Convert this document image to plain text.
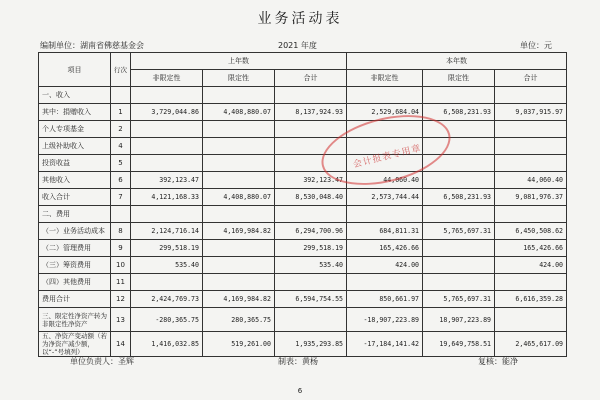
业务活动表
编制单位：湖南省佛慈基金会	2021 年度	单位：元
项目	行次	上年数			本年数		
		非限定性	限定性	合计	非限定性	限定性	合计
一、收入							
其中：捐赠收入	1	3,729,044.86	4,408,880.07	8,137,924.93	2,529,684.04	6,508,231.93	9,037,915.97
个人专项基金	2						
上级补助收入	4						
投资收益	5						
其他收入	6	392,123.47		392,123.47	44,060.40		44,060.40
收入合计	7	4,121,168.33	4,408,880.07	8,530,048.40	2,573,744.44	6,508,231.93	9,081,976.37
二、费用							
（一）业务活动成本	8	2,124,716.14	4,169,984.82	6,294,700.96	684,811.31	5,765,697.31	6,450,508.62
（二）管理费用	9	299,518.19		299,518.19	165,426.66		165,426.66
（三）筹资费用	10	535.40		535.40	424.00		424.00
（四）其他费用	11						
费用合计	12	2,424,769.73	4,169,984.82	6,594,754.55	850,661.97	5,765,697.31	6,616,359.28
三、限定性净资产转为非限定性净资产	13	-280,365.75	280,365.75		-18,907,223.89	18,907,223.89	
五、净资产变动额（若为净资产减少额，以“-”号填列）	14	1,416,032.85	519,261.00	1,935,293.85	-17,184,141.42	19,649,758.51	2,465,617.09
会计报表专用章
单位负责人：圣辉	制表：黄杨	复核：能净
6
